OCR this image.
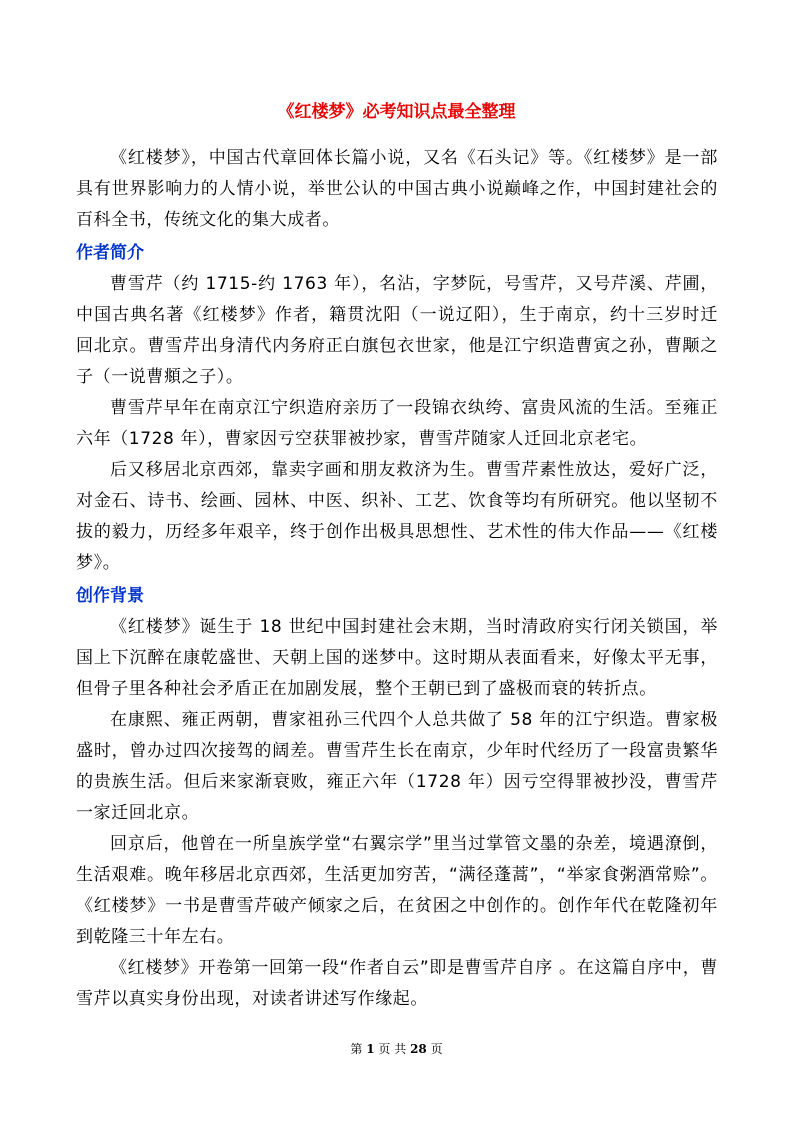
《红楼梦》必考知识点最全整理

《红楼梦》，中国古代章回体长篇小说，又名《石头记》等。《红楼梦》是一部具有世界影响力的人情小说，举世公认的中国古典小说巅峰之作，中国封建社会的百科全书，传统文化的集大成者。

作者简介

曹雪芹（约 1715-约 1763 年），名沾，字梦阮，号雪芹，又号芹溪、芹圃，中国古典名著《红楼梦》作者，籍贯沈阳（一说辽阳），生于南京，约十三岁时迁回北京。曹雪芹出身清代内务府正白旗包衣世家，他是江宁织造曹寅之孙，曹颙之子（一说曹頫之子）。

曹雪芹早年在南京江宁织造府亲历了一段锦衣纨绔、富贵风流的生活。至雍正六年（1728 年），曹家因亏空获罪被抄家，曹雪芹随家人迁回北京老宅。

后又移居北京西郊，靠卖字画和朋友救济为生。曹雪芹素性放达，爱好广泛，对金石、诗书、绘画、园林、中医、织补、工艺、饮食等均有所研究。他以坚韧不拔的毅力，历经多年艰辛，终于创作出极具思想性、艺术性的伟大作品——《红楼梦》。

创作背景

《红楼梦》诞生于 18 世纪中国封建社会末期，当时清政府实行闭关锁国，举国上下沉醉在康乾盛世、天朝上国的迷梦中。这时期从表面看来，好像太平无事，但骨子里各种社会矛盾正在加剧发展，整个王朝已到了盛极而衰的转折点。

在康熙、雍正两朝，曹家祖孙三代四个人总共做了 58 年的江宁织造。曹家极盛时，曾办过四次接驾的阔差。曹雪芹生长在南京，少年时代经历了一段富贵繁华的贵族生活。但后来家渐衰败，雍正六年（1728 年）因亏空得罪被抄没，曹雪芹一家迁回北京。

回京后，他曾在一所皇族学堂“右翼宗学”里当过掌管文墨的杂差，境遇潦倒，生活艰难。晚年移居北京西郊，生活更加穷苦，“满径蓬蒿”，“举家食粥酒常赊”。《红楼梦》一书是曹雪芹破产倾家之后，在贫困之中创作的。创作年代在乾隆初年到乾隆三十年左右。

《红楼梦》开卷第一回第一段“作者自云”即是曹雪芹自序 。在这篇自序中，曹雪芹以真实身份出现，对读者讲述写作缘起。

第 1 页 共 28 页
